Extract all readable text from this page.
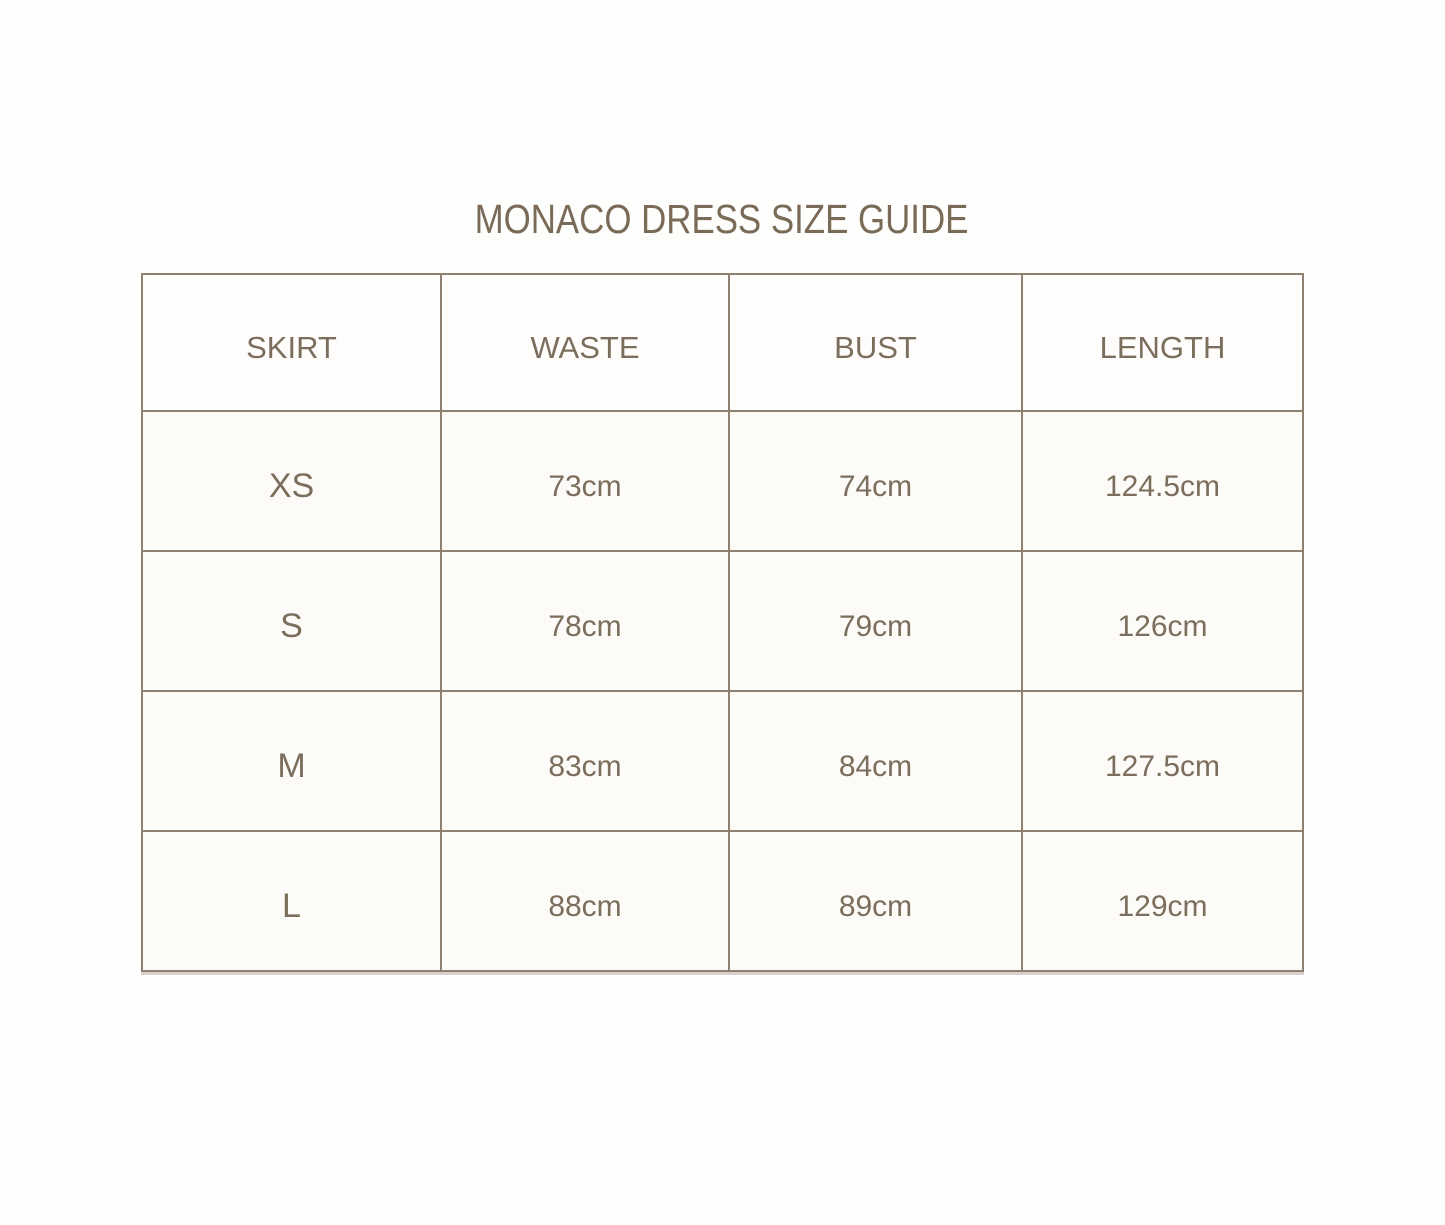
MONACO DRESS SIZE GUIDE
SKIRT	WASTE	BUST	LENGTH
XS	73cm	74cm	124.5cm
S	78cm	79cm	126cm
M	83cm	84cm	127.5cm
L	88cm	89cm	129cm
